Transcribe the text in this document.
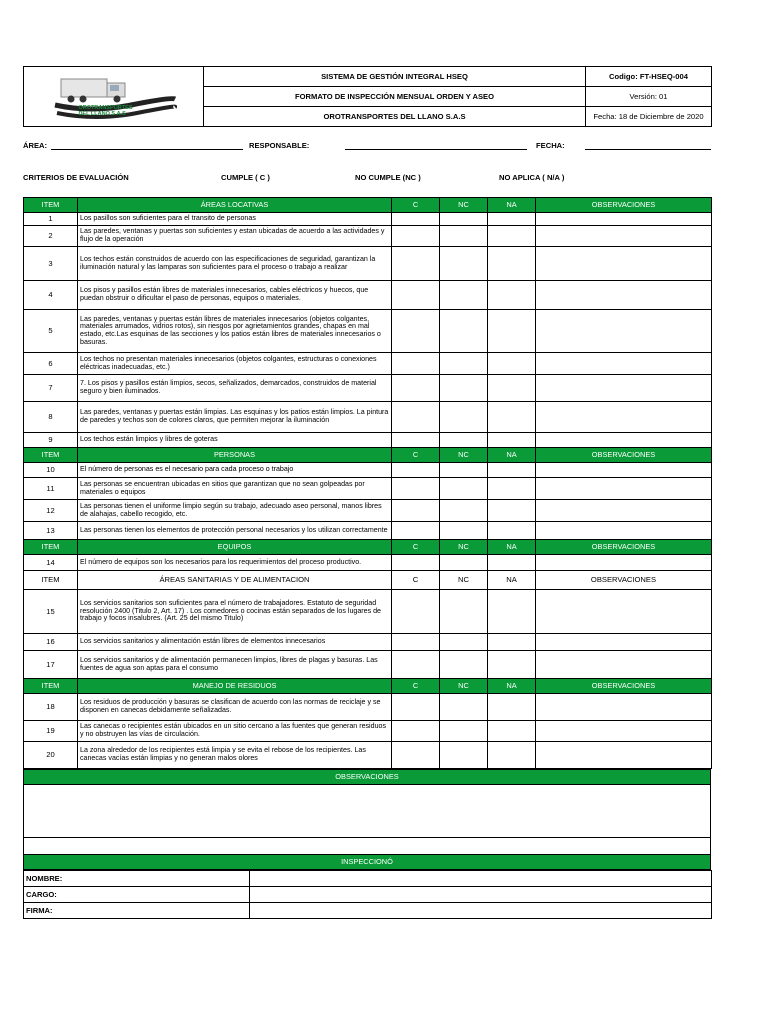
OROTRANSPORTES
DEL LLANO S.A.S	SISTEMA DE GESTIÓN INTEGRAL HSEQ	Codigo: FT-HSEQ-004
	FORMATO DE INSPECCIÓN MENSUAL ORDEN Y ASEO	Versión: 01
	OROTRANSPORTES DEL LLANO S.A.S	Fecha: 18 de Diciembre de 2020
ÁREA:	RESPONSABLE:	FECHA:
CRITERIOS DE EVALUACIÓN	CUMPLE ( C )	NO CUMPLE (NC )	NO APLICA ( N/A )
ITEM	ÁREAS LOCATIVAS	C	NC	NA	OBSERVACIONES
1	Los pasillos son suficientes para el transito de personas				
2	Las paredes, ventanas y puertas son suficientes y estan ubicadas de acuerdo a las actividades y flujo de la operación				
3	Los techos están construidos de acuerdo con las especificaciones de seguridad, garantizan la iluminación natural y las lamparas son suficientes para el proceso o trabajo a realizar				
4	Los pisos y pasillos están libres de materiales innecesarios, cables eléctricos y huecos, que puedan obstruir o dificultar el paso de personas, equipos o materiales.				
5	Las paredes, ventanas y puertas están libres de materiales innecesarios (objetos colgantes, materiales arrumados, vidrios rotos), sin riesgos por agrietamientos grandes, chapas en mal estado, etc.Las esquinas de las secciones y los patios están libres de materiales innecesarios o basuras.				
6	Los techos no presentan materiales innecesarios (objetos colgantes, estructuras o conexiones eléctricas inadecuadas, etc.)				
7	7. Los pisos y pasillos están limpios, secos, señalizados, demarcados, construidos de material seguro y bien iluminados.				
8	Las paredes, ventanas y puertas están limpias. Las esquinas y los patios están limpios. La pintura de paredes y techos son de colores claros, que permiten mejorar la iluminación				
9	Los techos están limpios y libres de goteras				
ITEM	PERSONAS	C	NC	NA	OBSERVACIONES
10	El número de personas es el necesario para cada proceso o trabajo				
11	Las personas se encuentran ubicadas en sitios que garantizan que no sean golpeadas por materiales o equipos				
12	Las personas tienen el uniforme limpio según su trabajo, adecuado aseo personal, manos libres de alahajas, cabello recogido, etc.				
13	Las personas tienen los elementos de protección personal necesarios y los utilizan correctamente				
ITEM	EQUIPOS	C	NC	NA	OBSERVACIONES
14	El número de equipos son los necesarios para los requerimientos del proceso productivo.				
ITEM	ÁREAS SANITARIAS Y DE ALIMENTACION	C	NC	NA	OBSERVACIONES
15	Los servicios sanitarios son suficientes para el número de trabajadores. Estatuto de seguridad resolución 2400 (Titulo 2, Art. 17) . Los comedores o cocinas están separados de los lugares de trabajo y focos insalubres. (Art. 25 del mismo Titulo)				
16	Los servicios sanitarios y alimentación están libres de elementos innecesarios				
17	Los servicios sanitarios y de alimentación permanecen limpios, libres de plagas y basuras. Las fuentes de agua son aptas para el consumo				
ITEM	MANEJO DE RESIDUOS	C	NC	NA	OBSERVACIONES
18	Los residuos de producción y basuras se clasifican de acuerdo con las normas de reciclaje y se disponen en canecas debidamente señalizadas.				
19	Las canecas o recipientes están ubicados en un sitio cercano a las fuentes que generan residuos y no obstruyen las vías de circulación.				
20	La zona alrededor de los recipientes está limpia y se evita el rebose de los recipientes. Las canecas vacías están limpias y no generan malos olores				
OBSERVACIONES

INSPECCIONÓ
NOMBRE:	
CARGO:	
FIRMA:	
